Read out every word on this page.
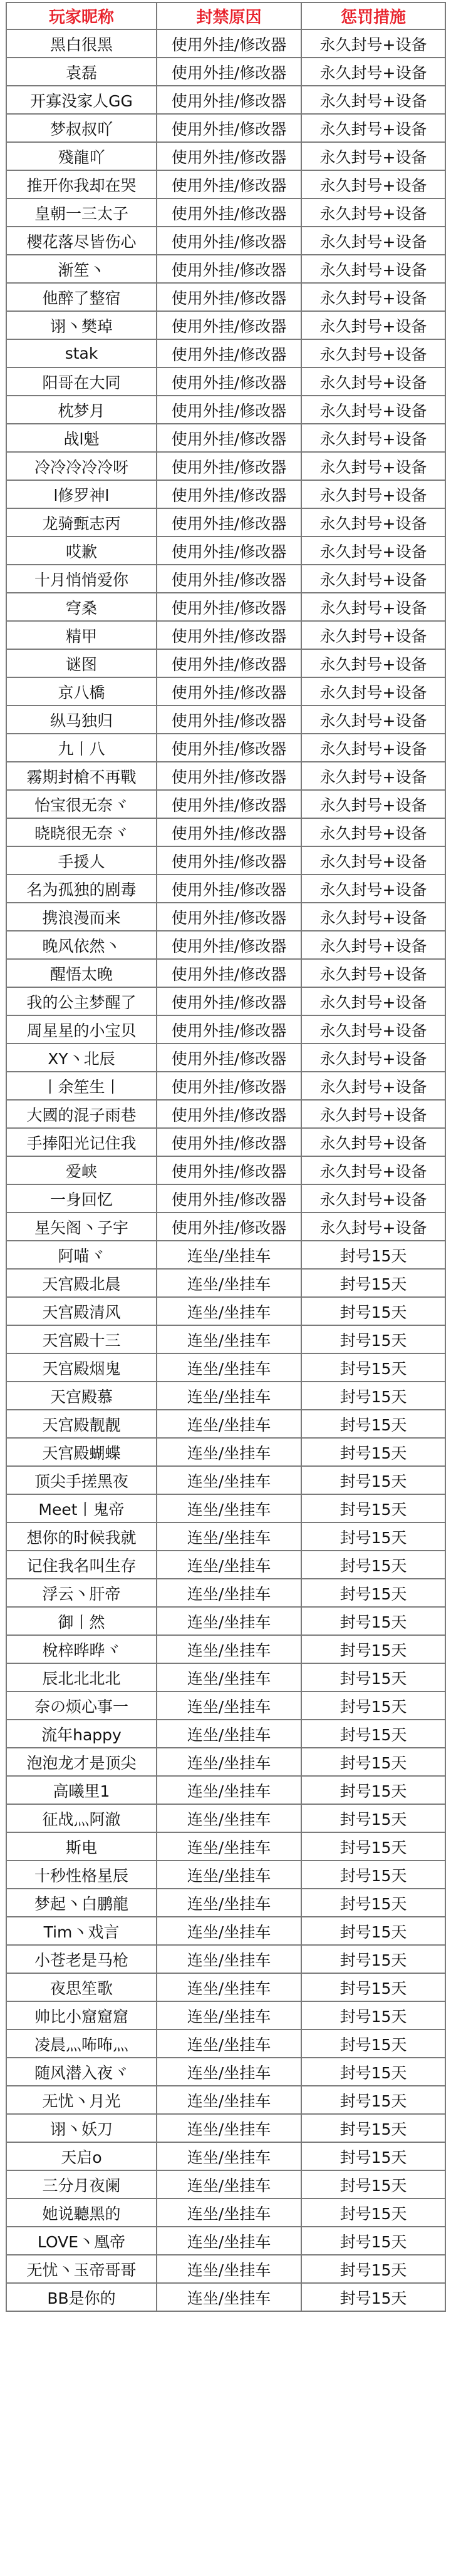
玩家昵称	封禁原因	惩罚措施
黑白很黑	使用外挂/修改器	永久封号+设备
袁磊	使用外挂/修改器	永久封号+设备
开寡没家人GG	使用外挂/修改器	永久封号+设备
梦叔叔吖	使用外挂/修改器	永久封号+设备
殘龍吖	使用外挂/修改器	永久封号+设备
推开你我却在哭	使用外挂/修改器	永久封号+设备
皇朝一三太子	使用外挂/修改器	永久封号+设备
樱花落尽皆伤心	使用外挂/修改器	永久封号+设备
渐笙丶	使用外挂/修改器	永久封号+设备
他醉了整宿	使用外挂/修改器	永久封号+设备
诩丶樊琸	使用外挂/修改器	永久封号+设备
stak	使用外挂/修改器	永久封号+设备
阳哥在大同	使用外挂/修改器	永久封号+设备
枕梦月	使用外挂/修改器	永久封号+设备
战l魁	使用外挂/修改器	永久封号+设备
冷冷冷冷冷呀	使用外挂/修改器	永久封号+设备
l修罗神l	使用外挂/修改器	永久封号+设备
龙骑甄志丙	使用外挂/修改器	永久封号+设备
哎歉	使用外挂/修改器	永久封号+设备
十月悄悄爱你	使用外挂/修改器	永久封号+设备
穹桑	使用外挂/修改器	永久封号+设备
精甲	使用外挂/修改器	永久封号+设备
谜图	使用外挂/修改器	永久封号+设备
京八橋	使用外挂/修改器	永久封号+设备
纵马独归	使用外挂/修改器	永久封号+设备
九丨八	使用外挂/修改器	永久封号+设备
霧期封槍不再戰	使用外挂/修改器	永久封号+设备
怡宝很无奈ヾ	使用外挂/修改器	永久封号+设备
晓晓很无奈ヾ	使用外挂/修改器	永久封号+设备
手援人	使用外挂/修改器	永久封号+设备
名为孤独的剧毒	使用外挂/修改器	永久封号+设备
携浪漫而来	使用外挂/修改器	永久封号+设备
晚风依然丶	使用外挂/修改器	永久封号+设备
醒悟太晚	使用外挂/修改器	永久封号+设备
我的公主梦醒了	使用外挂/修改器	永久封号+设备
周星星的小宝贝	使用外挂/修改器	永久封号+设备
XY丶北辰	使用外挂/修改器	永久封号+设备
丨余笙生丨	使用外挂/修改器	永久封号+设备
大國的混子雨巷	使用外挂/修改器	永久封号+设备
手捧阳光记住我	使用外挂/修改器	永久封号+设备
爱峡	使用外挂/修改器	永久封号+设备
一身回忆	使用外挂/修改器	永久封号+设备
星矢阁丶子宇	使用外挂/修改器	永久封号+设备
阿喵ヾ	连坐/坐挂车	封号15天
天宫殿北晨	连坐/坐挂车	封号15天
天宫殿清风	连坐/坐挂车	封号15天
天宫殿十三	连坐/坐挂车	封号15天
天宫殿烟鬼	连坐/坐挂车	封号15天
天宫殿慕	连坐/坐挂车	封号15天
天宫殿靓靓	连坐/坐挂车	封号15天
天宫殿蝴蝶	连坐/坐挂车	封号15天
顶尖手搓黑夜	连坐/坐挂车	封号15天
Meet丨鬼帝	连坐/坐挂车	封号15天
想你的时候我就	连坐/坐挂车	封号15天
记住我名叫生存	连坐/坐挂车	封号15天
浮云丶肝帝	连坐/坐挂车	封号15天
御丨然	连坐/坐挂车	封号15天
梲梓晔晔ヾ	连坐/坐挂车	封号15天
辰北北北北	连坐/坐挂车	封号15天
奈の烦心事一	连坐/坐挂车	封号15天
流年happy	连坐/坐挂车	封号15天
泡泡龙才是顶尖	连坐/坐挂车	封号15天
高曦里1	连坐/坐挂车	封号15天
征战灬阿澈	连坐/坐挂车	封号15天
斯电	连坐/坐挂车	封号15天
十秒性格星辰	连坐/坐挂车	封号15天
梦起丶白鹏龍	连坐/坐挂车	封号15天
Tim丶戏言	连坐/坐挂车	封号15天
小苍老是马枪	连坐/坐挂车	封号15天
夜思笙歌	连坐/坐挂车	封号15天
帅比小窟窟窟	连坐/坐挂车	封号15天
凌晨灬咘咘灬	连坐/坐挂车	封号15天
随风潜入夜ヾ	连坐/坐挂车	封号15天
无忧丶月光	连坐/坐挂车	封号15天
诩丶妖刀	连坐/坐挂车	封号15天
天启o	连坐/坐挂车	封号15天
三分月夜阑	连坐/坐挂车	封号15天
她说聽黑的	连坐/坐挂车	封号15天
LOVE丶凰帝	连坐/坐挂车	封号15天
无忧丶玉帝哥哥	连坐/坐挂车	封号15天
BB是你的	连坐/坐挂车	封号15天
